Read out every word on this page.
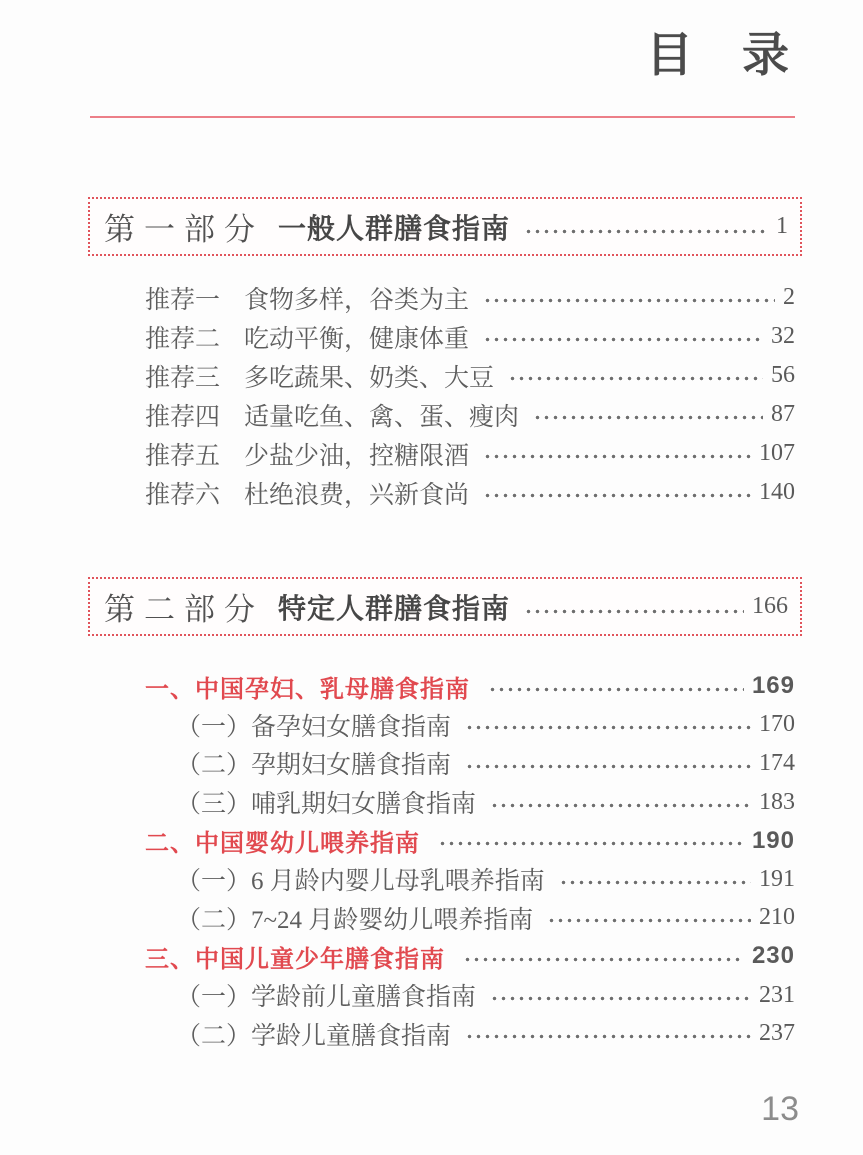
目 录
第一部分 一般人群膳食指南	1
推荐一 食物多样，谷类为主	2
推荐二 吃动平衡，健康体重	32
推荐三 多吃蔬果、奶类、大豆	56
推荐四 适量吃鱼、禽、蛋、瘦肉	87
推荐五 少盐少油，控糖限酒	107
推荐六 杜绝浪费，兴新食尚	140
第二部分 特定人群膳食指南	166
一、中国孕妇、乳母膳食指南	169
（一）备孕妇女膳食指南	170
（二）孕期妇女膳食指南	174
（三）哺乳期妇女膳食指南	183
二、中国婴幼儿喂养指南	190
（一）6 月龄内婴儿母乳喂养指南	191
（二）7~24 月龄婴幼儿喂养指南	210
三、中国儿童少年膳食指南	230
（一）学龄前儿童膳食指南	231
（二）学龄儿童膳食指南	237
13
